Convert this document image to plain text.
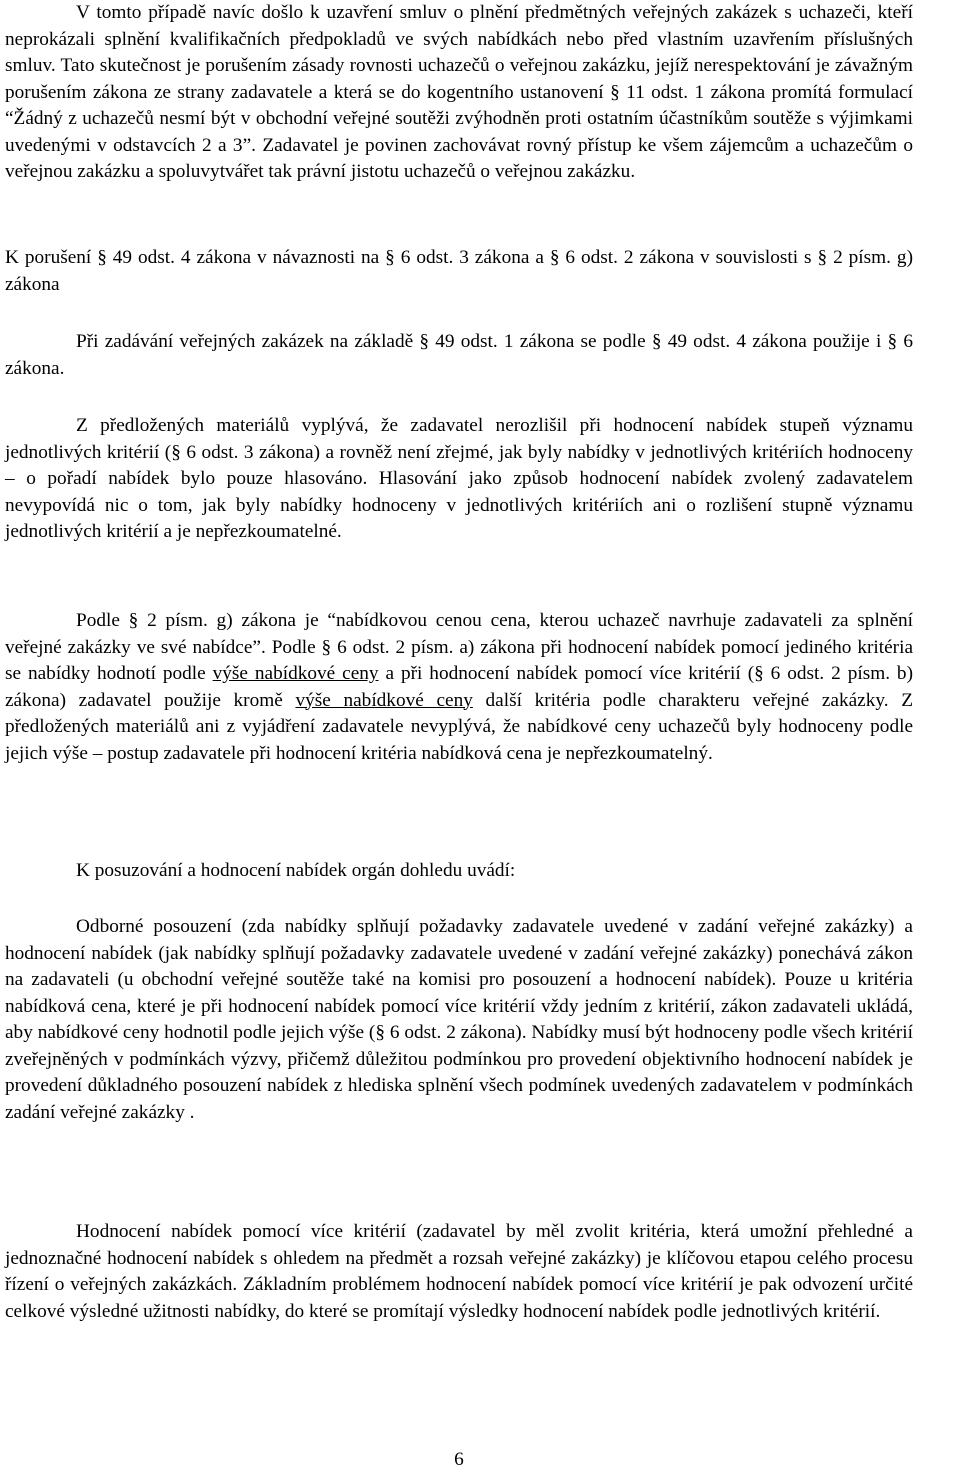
V tomto případě navíc došlo k uzavření smluv o plnění předmětných veřejných zakázek s uchazeči, kteří neprokázali splnění kvalifikačních předpokladů ve svých nabídkách nebo před vlastním uzavřením příslušných smluv. Tato skutečnost je porušením zásady rovnosti uchazečů o veřejnou zakázku, jejíž nerespektování je závažným porušením zákona ze strany zadavatele a která se do kogentního ustanovení § 11 odst. 1 zákona promítá formulací “Žádný z uchazečů nesmí být v obchodní veřejné soutěži zvýhodněn proti ostatním účastníkům soutěže s výjimkami uvedenými v odstavcích 2 a 3”. Zadavatel je povinen zachovávat rovný přístup ke všem zájemcům a uchazečům o veřejnou zakázku a spoluvytvářet tak právní jistotu uchazečů o veřejnou zakázku.

K porušení § 49 odst. 4 zákona v návaznosti na § 6 odst. 3 zákona a § 6 odst. 2 zákona v souvislosti s § 2 písm. g) zákona

Při zadávání veřejných zakázek na základě § 49 odst. 1 zákona se podle § 49 odst. 4 zákona použije i § 6 zákona.

Z předložených materiálů vyplývá, že zadavatel nerozlišil při hodnocení nabídek stupeň významu jednotlivých kritérií (§ 6 odst. 3 zákona) a rovněž není zřejmé, jak byly nabídky v jednotlivých kritériích hodnoceny – o pořadí nabídek bylo pouze hlasováno. Hlasování jako způsob hodnocení nabídek zvolený zadavatelem nevypovídá nic o tom, jak byly nabídky hodnoceny v jednotlivých kritériích ani o rozlišení stupně významu jednotlivých kritérií a je nepřezkoumatelné.

Podle § 2 písm. g) zákona je “nabídkovou cenou cena, kterou uchazeč navrhuje zadavateli za splnění veřejné zakázky ve své nabídce”. Podle § 6 odst. 2 písm. a) zákona při hodnocení nabídek pomocí jediného kritéria se nabídky hodnotí podle výše nabídkové ceny a při hodnocení nabídek pomocí více kritérií (§ 6 odst. 2 písm. b) zákona) zadavatel použije kromě výše nabídkové ceny další kritéria podle charakteru veřejné zakázky. Z předložených materiálů ani z vyjádření zadavatele nevyplývá, že nabídkové ceny uchazečů byly hodnoceny podle jejich výše – postup zadavatele při hodnocení kritéria nabídková cena je nepřezkoumatelný.

K posuzování a hodnocení nabídek orgán dohledu uvádí:

Odborné posouzení (zda nabídky splňují požadavky zadavatele uvedené v zadání veřejné zakázky) a hodnocení nabídek (jak nabídky splňují požadavky zadavatele uvedené v zadání veřejné zakázky) ponechává zákon na zadavateli (u obchodní veřejné soutěže také na komisi pro posouzení a hodnocení nabídek). Pouze u kritéria nabídková cena, které je při hodnocení nabídek pomocí více kritérií vždy jedním z kritérií, zákon zadavateli ukládá, aby nabídkové ceny hodnotil podle jejich výše (§ 6 odst. 2 zákona). Nabídky musí být hodnoceny podle všech kritérií zveřejněných v podmínkách výzvy, přičemž důležitou podmínkou pro provedení objektivního hodnocení nabídek je provedení důkladného posouzení nabídek z hlediska splnění všech podmínek uvedených zadavatelem v podmínkách zadání veřejné zakázky .

Hodnocení nabídek pomocí více kritérií (zadavatel by měl zvolit kritéria, která umožní přehledné a jednoznačné hodnocení nabídek s ohledem na předmět a rozsah veřejné zakázky) je klíčovou etapou celého procesu řízení o veřejných zakázkách. Základním problémem hodnocení nabídek pomocí více kritérií je pak odvození určité celkové výsledné užitnosti nabídky, do které se promítají výsledky hodnocení nabídek podle jednotlivých kritérií.

6
